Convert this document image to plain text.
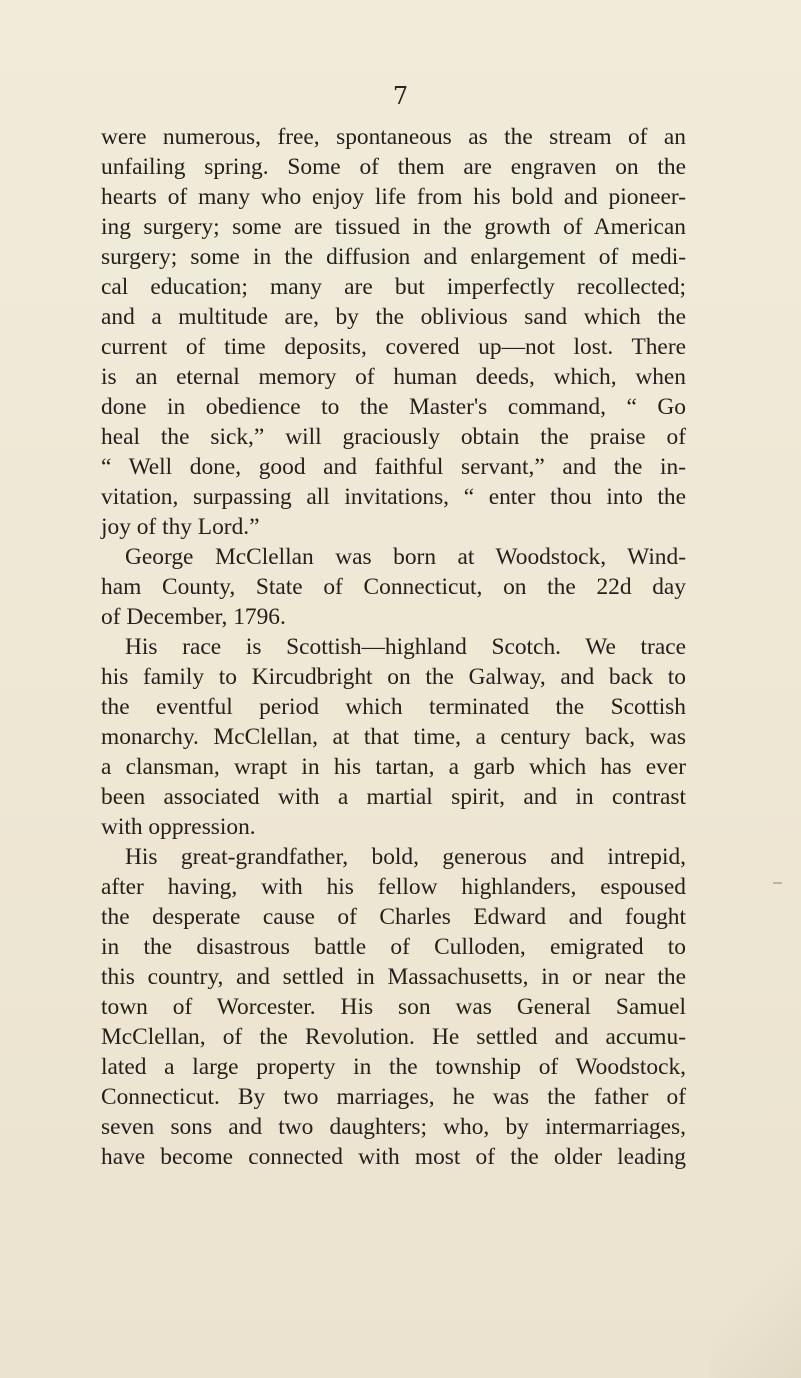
7
were numerous, free, spontaneous as the stream of an
unfailing spring. Some of them are engraven on the
hearts of many who enjoy life from his bold and pioneer-
ing surgery; some are tissued in the growth of American
surgery; some in the diffusion and enlargement of medi-
cal education; many are but imperfectly recollected;
and a multitude are, by the oblivious sand which the
current of time deposits, covered up—not lost. There
is an eternal memory of human deeds, which, when
done in obedience to the Master's command, “ Go
heal the sick,” will graciously obtain the praise of
“ Well done, good and faithful servant,” and the in-
vitation, surpassing all invitations, “ enter thou into the
joy of thy Lord.”
George McClellan was born at Woodstock, Wind-
ham County, State of Connecticut, on the 22d day
of December, 1796.
His race is Scottish—highland Scotch. We trace
his family to Kircudbright on the Galway, and back to
the eventful period which terminated the Scottish
monarchy. McClellan, at that time, a century back, was
a clansman, wrapt in his tartan, a garb which has ever
been associated with a martial spirit, and in contrast
with oppression.
His great-grandfather, bold, generous and intrepid,
after having, with his fellow highlanders, espoused
the desperate cause of Charles Edward and fought
in the disastrous battle of Culloden, emigrated to
this country, and settled in Massachusetts, in or near the
town of Worcester. His son was General Samuel
McClellan, of the Revolution. He settled and accumu-
lated a large property in the township of Woodstock,
Connecticut. By two marriages, he was the father of
seven sons and two daughters; who, by intermarriages,
have become connected with most of the older leading
